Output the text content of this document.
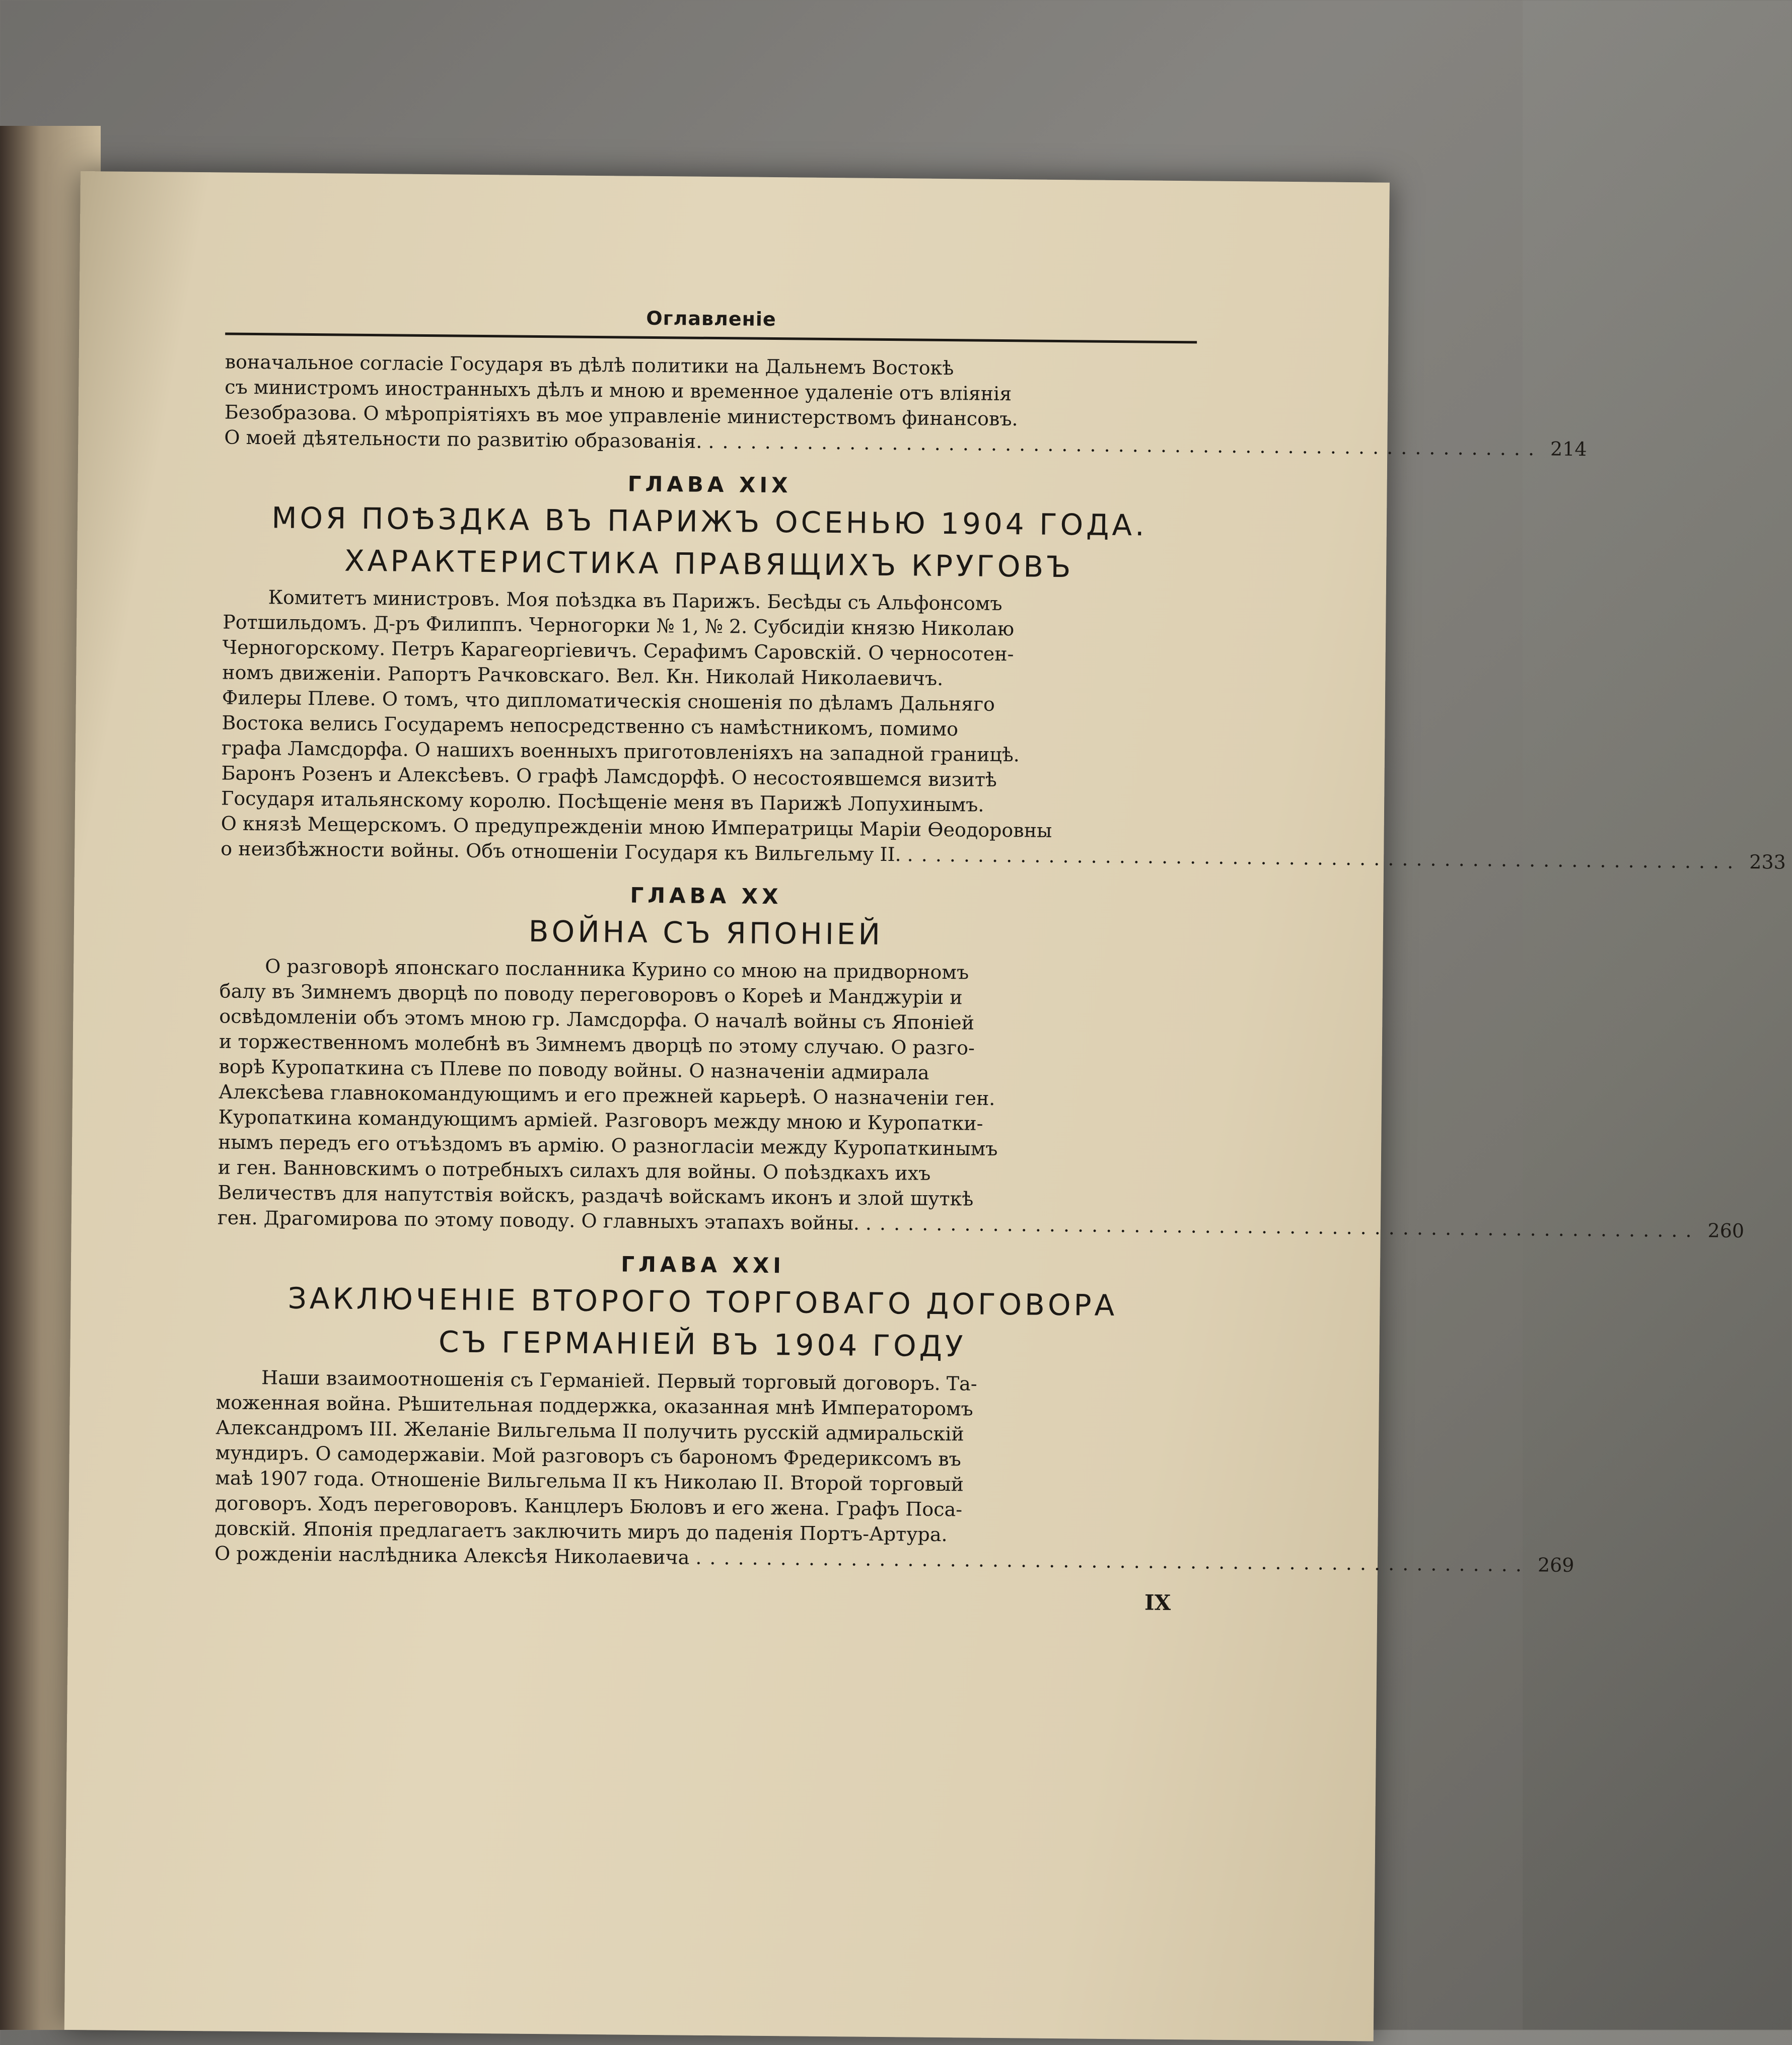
Оглавленіе

воначальное согласіе Государя въ дѣлѣ политики на Дальнемъ Востокѣ

съ министромъ иностранныхъ дѣлъ и мною и временное удаленіе отъ вліянія

Безобразова. О мѣропріятіяхъ въ мое управленіе министерствомъ финансовъ.

О моей дѣятельности по развитію образованія. ........................................................... 214
ГЛАВА XIX
МОЯ ПОѢЗДКА ВЪ ПАРИЖЪ ОСЕНЬЮ 1904 ГОДА.
ХАРАКТЕРИСТИКА ПРАВЯЩИХЪ КРУГОВЪ

Комитетъ министровъ. Моя поѣздка въ Парижъ. Бесѣды съ Альфонсомъ

Ротшильдомъ. Д-ръ Филиппъ. Черногорки № 1, № 2. Субсидіи князю Николаю

Черногорскому. Петръ Карагеоргіевичъ. Серафимъ Саровскій. О черносотен-

номъ движеніи. Рапортъ Рачковскаго. Вел. Кн. Николай Николаевичъ.

Филеры Плеве. О томъ, что дипломатическія сношенія по дѣламъ Дальняго

Востока велись Государемъ непосредственно съ намѣстникомъ, помимо

графа Ламсдорфа. О нашихъ военныхъ приготовленіяхъ на западной границѣ.

Баронъ Розенъ и Алексѣевъ. О графѣ Ламсдорфѣ. О несостоявшемся визитѣ

Государя итальянскому королю. Посѣщеніе меня въ Парижѣ Лопухинымъ.

О князѣ Мещерскомъ. О предупрежденіи мною Императрицы Маріи Ѳеодоровны

о неизбѣжности войны. Объ отношеніи Государя къ Вильгельму II. ........................................................... 233
ГЛАВА XX
ВОЙНА СЪ ЯПОНІЕЙ

О разговорѣ японскаго посланника Курино со мною на придворномъ

балу въ Зимнемъ дворцѣ по поводу переговоровъ о Кореѣ и Манджуріи и

освѣдомленіи объ этомъ мною гр. Ламсдорфа. О началѣ войны съ Японіей

и торжественномъ молебнѣ въ Зимнемъ дворцѣ по этому случаю. О разго-

ворѣ Куропаткина съ Плеве по поводу войны. О назначеніи адмирала

Алексѣева главнокомандующимъ и его прежней карьерѣ. О назначеніи ген.

Куропаткина командующимъ арміей. Разговоръ между мною и Куропатки-

нымъ передъ его отъѣздомъ въ армію. О разногласіи между Куропаткинымъ

и ген. Ванновскимъ о потребныхъ силахъ для войны. О поѣздкахъ ихъ

Величествъ для напутствія войскъ, раздачѣ войскамъ иконъ и злой шуткѣ

ген. Драгомирова по этому поводу. О главныхъ этапахъ войны. ........................................................... 260
ГЛАВА XXI
ЗАКЛЮЧЕНІЕ ВТОРОГО ТОРГОВАГО ДОГОВОРА
СЪ ГЕРМАНІЕЙ ВЪ 1904 ГОДУ

Наши взаимоотношенія съ Германіей. Первый торговый договоръ. Та-

моженная война. Рѣшительная поддержка, оказанная мнѣ Императоромъ

Александромъ III. Желаніе Вильгельма II получить русскій адмиральскій

мундиръ. О самодержавіи. Мой разговоръ съ барономъ Фредериксомъ въ

маѣ 1907 года. Отношеніе Вильгельма II къ Николаю II. Второй торговый

договоръ. Ходъ переговоровъ. Канцлеръ Бюловъ и его жена. Графъ Поса-

довскій. Японія предлагаетъ заключить миръ до паденія Портъ-Артура.

О рожденіи наслѣдника Алексѣя Николаевича ........................................................... 269
IX
